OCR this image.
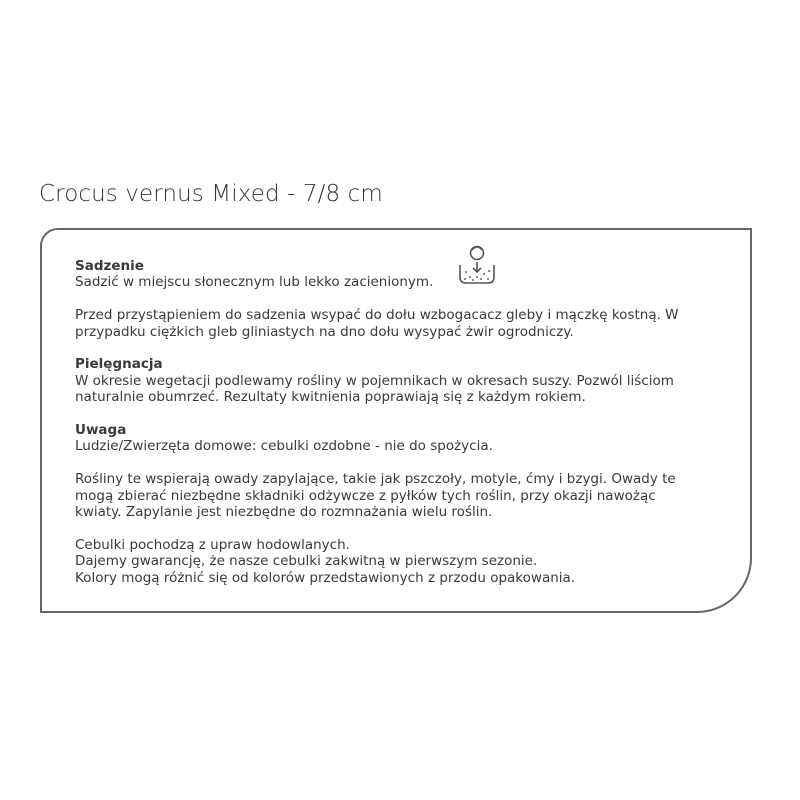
Crocus vernus Mixed - 7/8 cm

Sadzenie

Sadzić w miejscu słonecznym lub lekko zacienionym.

Przed przystąpieniem do sadzenia wsypać do dołu wzbogacacz gleby i mączkę kostną. W

przypadku ciężkich gleb gliniastych na dno dołu wysypać żwir ogrodniczy.

Pielęgnacja

W okresie wegetacji podlewamy rośliny w pojemnikach w okresach suszy. Pozwól liściom

naturalnie obumrzeć. Rezultaty kwitnienia poprawiają się z każdym rokiem.

Uwaga

Ludzie/Zwierzęta domowe: cebulki ozdobne - nie do spożycia.

Rośliny te wspierają owady zapylające, takie jak pszczoły, motyle, ćmy i bzygi. Owady te

mogą zbierać niezbędne składniki odżywcze z pyłków tych roślin, przy okazji nawożąc

kwiaty. Zapylanie jest niezbędne do rozmnażania wielu roślin.

Cebulki pochodzą z upraw hodowlanych.

Dajemy gwarancję, że nasze cebulki zakwitną w pierwszym sezonie.

Kolory mogą różnić się od kolorów przedstawionych z przodu opakowania.
